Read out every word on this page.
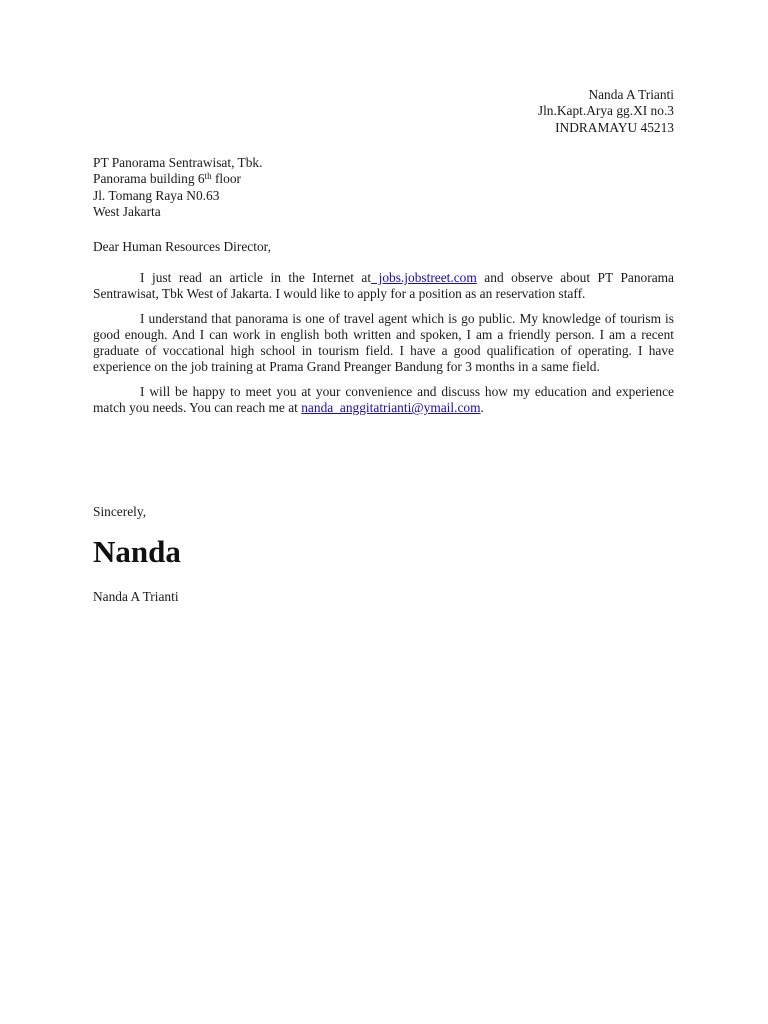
Nanda A Trianti
Jln.Kapt.Arya gg.XI no.3
INDRAMAYU 45213
PT Panorama Sentrawisat, Tbk.
Panorama building 6th floor
Jl. Tomang Raya N0.63
West Jakarta
Dear Human Resources Director,

I just read an article in the Internet at jobs.jobstreet.com and observe about PT Panorama Sentrawisat, Tbk West of Jakarta. I would like to apply for a position as an reservation staff.

I understand that panorama is one of travel agent which is go public. My knowledge of tourism is good enough. And I can work in english both written and spoken, I am a friendly person. I am a recent graduate of voccational high school in tourism field. I have a good qualification of operating. I have experience on the job training at Prama Grand Preanger Bandung for 3 months in a same field.

I will be happy to meet you at your convenience and discuss how my education and experience match you needs. You can reach me at nanda_anggitatrianti@ymail.com.

Sincerely,
Nanda
Nanda A Trianti
